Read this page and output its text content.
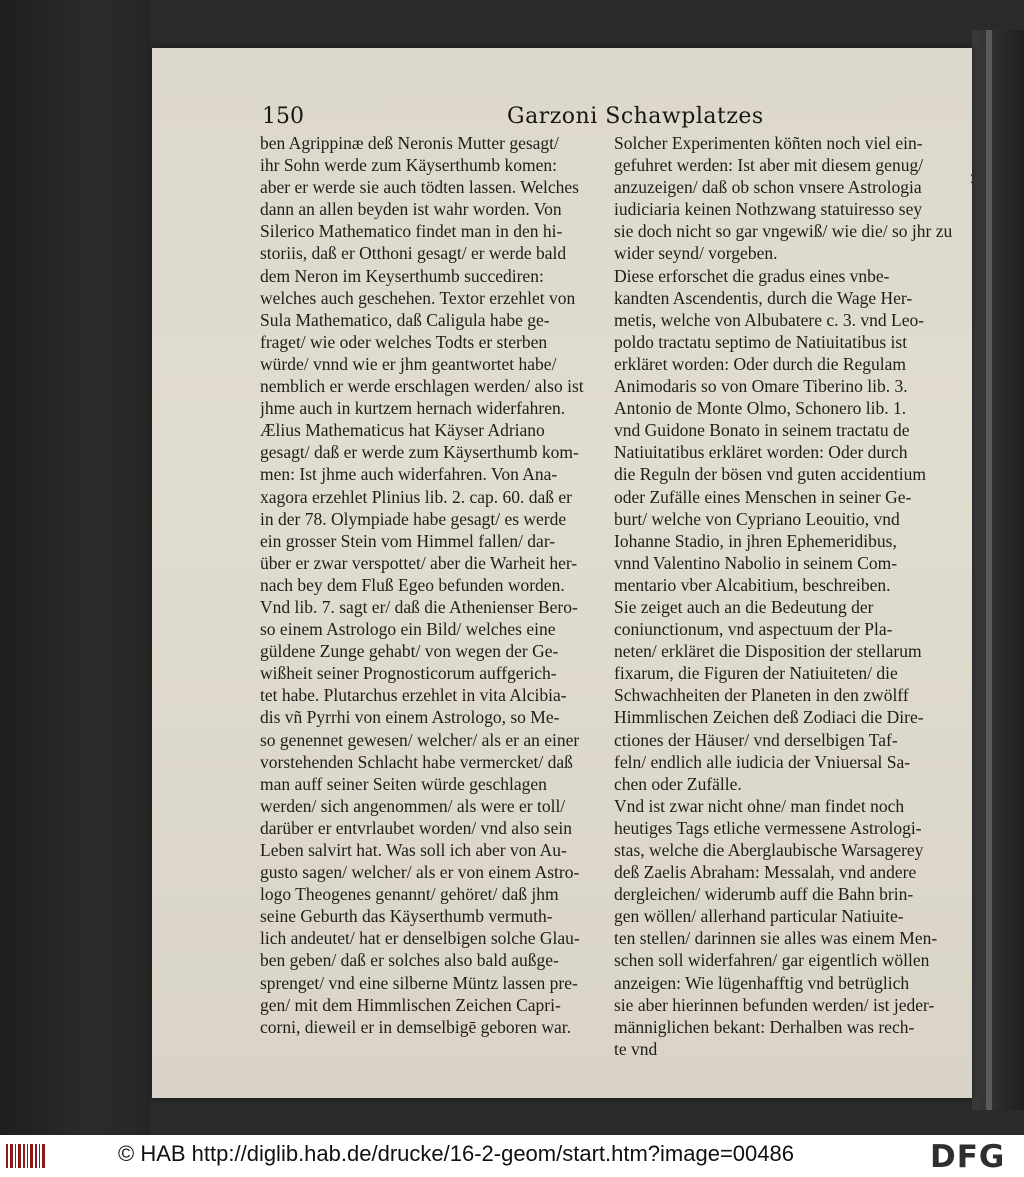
150	Garzoni Schawplatzes
ben Agrippinæ deß Neronis Mutter gesagt/
ihr Sohn werde zum Käyserthumb komen:
aber er werde sie auch tödten lassen. Welches
dann an allen beyden ist wahr worden. Von
Silerico Mathematico findet man in den hi-
storiis, daß er Otthoni gesagt/ er werde bald
dem Neron im Keyserthumb succediren:
welches auch geschehen. Textor erzehlet von
Sula Mathematico, daß Caligula habe ge-
fraget/ wie oder welches Todts er sterben
würde/ vnnd wie er jhm geantwortet habe/
nemblich er werde erschlagen werden/ also ist
jhme auch in kurtzem hernach widerfahren.
Ælius Mathematicus hat Käyser Adriano
gesagt/ daß er werde zum Käyserthumb kom-
men: Ist jhme auch widerfahren. Von Ana-
xagora erzehlet Plinius lib. 2. cap. 60. daß er
in der 78. Olympiade habe gesagt/ es werde
ein grosser Stein vom Himmel fallen/ dar-
über er zwar verspottet/ aber die Warheit her-
nach bey dem Fluß Egeo befunden worden.
Vnd lib. 7. sagt er/ daß die Athenienser Bero-
so einem Astrologo ein Bild/ welches eine
güldene Zunge gehabt/ von wegen der Ge-
wißheit seiner Prognosticorum auffgerich-
tet habe. Plutarchus erzehlet in vita Alcibia-
dis vñ Pyrrhi von einem Astrologo, so Me-
so genennet gewesen/ welcher/ als er an einer
vorstehenden Schlacht habe vermercket/ daß
man auff seiner Seiten würde geschlagen
werden/ sich angenommen/ als were er toll/
darüber er entvrlaubet worden/ vnd also sein
Leben salvirt hat. Was soll ich aber von Au-
gusto sagen/ welcher/ als er von einem Astro-
logo Theogenes genannt/ gehöret/ daß jhm
seine Geburth das Käyserthumb vermuth-
lich andeutet/ hat er denselbigen solche Glau-
ben geben/ daß er solches also bald außge-
sprenget/ vnd eine silberne Müntz lassen pre-
gen/ mit dem Himmlischen Zeichen Capri-
corni, dieweil er in demselbigē geboren war.
Solcher Experimenten köñten noch viel ein-
gefuhret werden: Ist aber mit diesem genug/
anzuzeigen/ daß ob schon vnsere Astrologia
iudiciaria keinen Nothzwang statuiresso sey
sie doch nicht so gar vngewiß/ wie die/ so jhr zu
wider seynd/ vorgeben.
Diese erforschet die gradus eines vnbe-
kandten Ascendentis, durch die Wage Her-
metis, welche von Albubatere c. 3. vnd Leo-
poldo tractatu septimo de Natiuitatibus ist
erkläret worden: Oder durch die Regulam
Animodaris so von Omare Tiberino lib. 3.
Antonio de Monte Olmo, Schonero lib. 1.
vnd Guidone Bonato in seinem tractatu de
Natiuitatibus erkläret worden: Oder durch
die Reguln der bösen vnd guten accidentium
oder Zufälle eines Menschen in seiner Ge-
burt/ welche von Cypriano Leouitio, vnd
Iohanne Stadio, in jhren Ephemeridibus,
vnnd Valentino Nabolio in seinem Com-
mentario vber Alcabitium, beschreiben.
Sie zeiget auch an die Bedeutung der
coniunctionum, vnd aspectuum der Pla-
neten/ erkläret die Disposition der stellarum
fixarum, die Figuren der Natiuiteten/ die
Schwachheiten der Planeten in den zwölff
Himmlischen Zeichen deß Zodiaci die Dire-
ctiones der Häuser/ vnd derselbigen Taf-
feln/ endlich alle iudicia der Vniuersal Sa-
chen oder Zufälle.
Vnd ist zwar nicht ohne/ man findet noch
heutiges Tags etliche vermessene Astrologi-
stas, welche die Aberglaubische Warsagerey
deß Zaelis Abraham: Messalah, vnd andere
dergleichen/ widerumb auff die Bahn brin-
gen wöllen/ allerhand particular Natiuite-
ten stellen/ darinnen sie alles was einem Men-
schen soll widerfahren/ gar eigentlich wöllen
anzeigen: Wie lügenhafftig vnd betrüglich
sie aber hierinnen befunden werden/ ist jeder-
männiglichen bekant: Derhalben was rech-
te vnd
2
© HAB http://diglib.hab.de/drucke/16-2-geom/start.htm?image=00486	DFG
